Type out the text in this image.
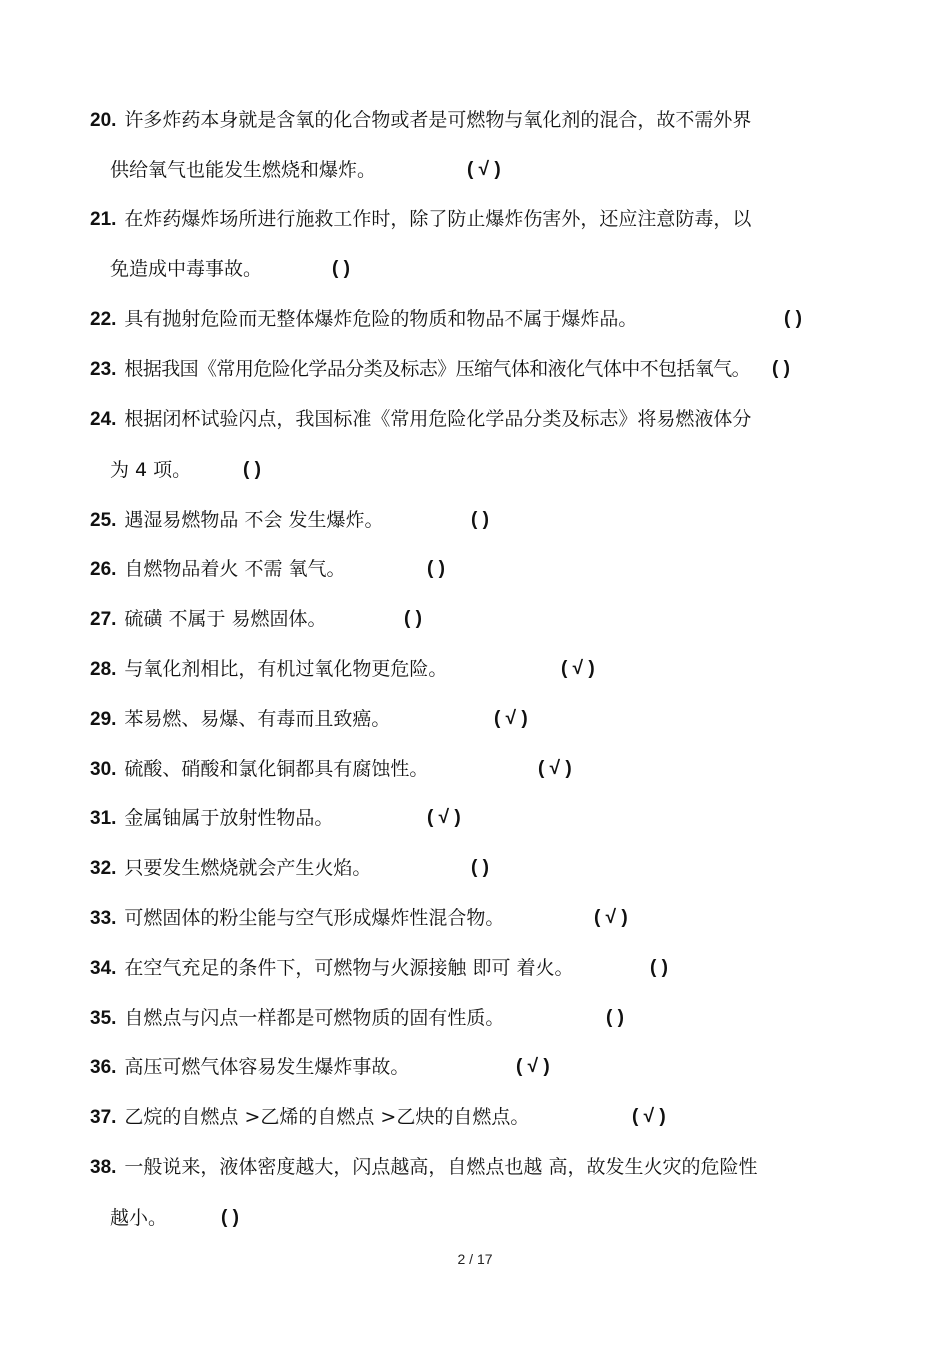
20. 许多炸药本身就是含氧的化合物或者是可燃物与氧化剂的混合，故不需外界
供给氧气也能发生燃烧和爆炸。	( √ )
21. 在炸药爆炸场所进行施救工作时，除了防止爆炸伤害外，还应注意防毒，以
免造成中毒事故。	( )
22. 具有抛射危险而无整体爆炸危险的物质和物品不属于爆炸品。	( )
23. 根据我国《常用危险化学品分类及标志》压缩气体和液化气体中不包括氧气。 ( )
24. 根据闭杯试验闪点，我国标准《常用危险化学品分类及标志》将易燃液体分
为 4 项。	( )
25. 遇湿易燃物品 不会 发生爆炸。	( )
26. 自燃物品着火 不需 氧气。	( )
27. 硫磺 不属于 易燃固体。	( )
28. 与氧化剂相比，有机过氧化物更危险。	( √ )
29. 苯易燃、易爆、有毒而且致癌。	( √ )
30. 硫酸、硝酸和氯化铜都具有腐蚀性。	( √ )
31. 金属铀属于放射性物品。	( √ )
32. 只要发生燃烧就会产生火焰。	( )
33. 可燃固体的粉尘能与空气形成爆炸性混合物。	( √ )
34. 在空气充足的条件下，可燃物与火源接触 即可 着火。	( )
35. 自燃点与闪点一样都是可燃物质的固有性质。	( )
36. 高压可燃气体容易发生爆炸事故。	( √ )
37. 乙烷的自燃点 >乙烯的自燃点 >乙炔的自燃点。	( √ )
38. 一般说来，液体密度越大，闪点越高，自燃点也越 高，故发生火灾的危险性
越小。	( )
2 / 17
